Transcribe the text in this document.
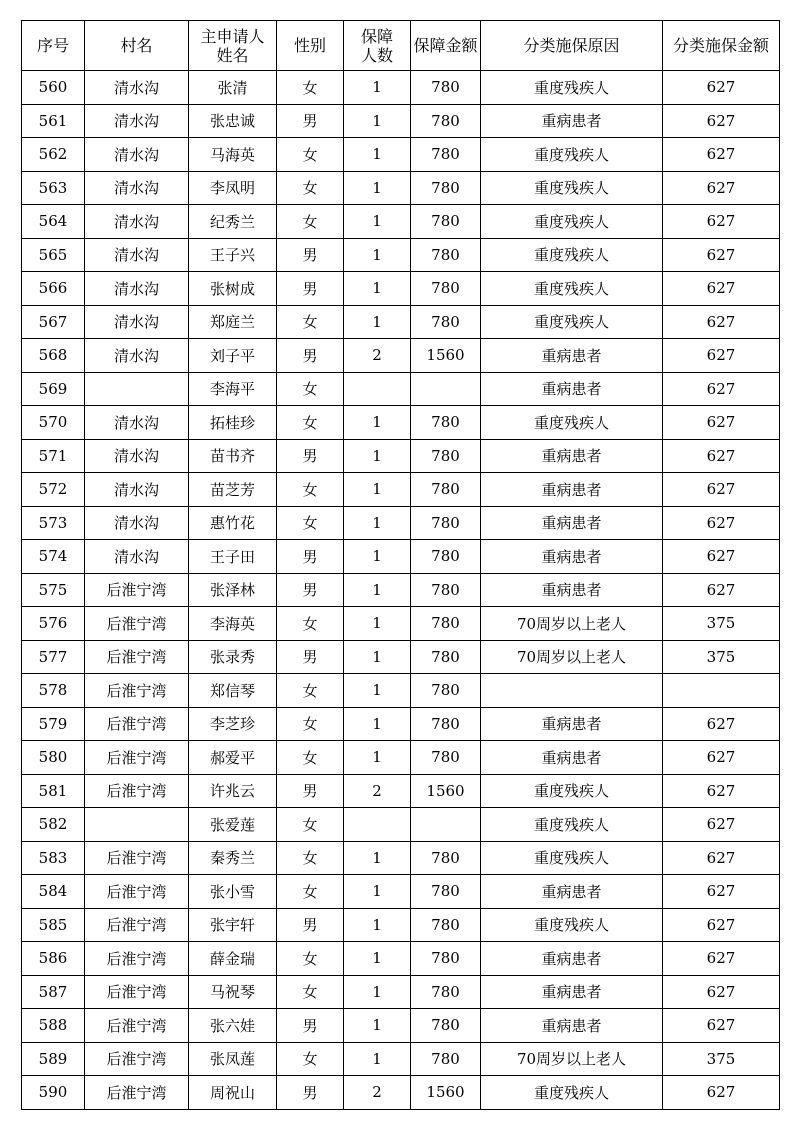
序号	村名	主申请人姓名	性别	保障人数	保障金额	分类施保原因	分类施保金额
560	清水沟	张清	女	1	780	重度残疾人	627
561	清水沟	张忠诚	男	1	780	重病患者	627
562	清水沟	马海英	女	1	780	重度残疾人	627
563	清水沟	李凤明	女	1	780	重度残疾人	627
564	清水沟	纪秀兰	女	1	780	重度残疾人	627
565	清水沟	王子兴	男	1	780	重度残疾人	627
566	清水沟	张树成	男	1	780	重度残疾人	627
567	清水沟	郑庭兰	女	1	780	重度残疾人	627
568	清水沟	刘子平	男	2	1560	重病患者	627
569		李海平	女			重病患者	627
570	清水沟	拓桂珍	女	1	780	重度残疾人	627
571	清水沟	苗书齐	男	1	780	重病患者	627
572	清水沟	苗芝芳	女	1	780	重病患者	627
573	清水沟	惠竹花	女	1	780	重病患者	627
574	清水沟	王子田	男	1	780	重病患者	627
575	后淮宁湾	张泽林	男	1	780	重病患者	627
576	后淮宁湾	李海英	女	1	780	70周岁以上老人	375
577	后淮宁湾	张录秀	男	1	780	70周岁以上老人	375
578	后淮宁湾	郑信琴	女	1	780		
579	后淮宁湾	李芝珍	女	1	780	重病患者	627
580	后淮宁湾	郝爱平	女	1	780	重病患者	627
581	后淮宁湾	许兆云	男	2	1560	重度残疾人	627
582		张爱莲	女			重度残疾人	627
583	后淮宁湾	秦秀兰	女	1	780	重度残疾人	627
584	后淮宁湾	张小雪	女	1	780	重病患者	627
585	后淮宁湾	张宇轩	男	1	780	重度残疾人	627
586	后淮宁湾	薛金瑞	女	1	780	重病患者	627
587	后淮宁湾	马祝琴	女	1	780	重病患者	627
588	后淮宁湾	张六娃	男	1	780	重病患者	627
589	后淮宁湾	张凤莲	女	1	780	70周岁以上老人	375
590	后淮宁湾	周祝山	男	2	1560	重度残疾人	627
